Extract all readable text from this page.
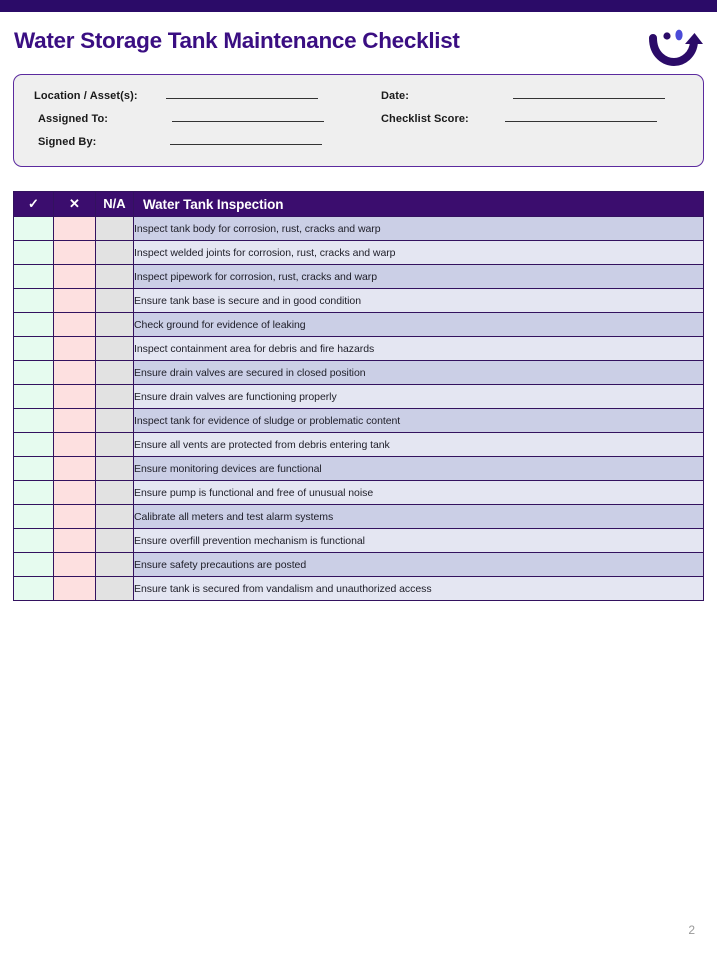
Water Storage Tank Maintenance Checklist
Location / Asset(s):
Assigned To:
Signed By:
Date:
Checklist Score:
✓	✕	N/A	Water Tank Inspection
			Inspect tank body for corrosion, rust, cracks and warp
			Inspect welded joints for corrosion, rust, cracks and warp
			Inspect pipework for corrosion, rust, cracks and warp
			Ensure tank base is secure and in good condition
			Check ground for evidence of leaking
			Inspect containment area for debris and fire hazards
			Ensure drain valves are secured in closed position
			Ensure drain valves are functioning properly
			Inspect tank for evidence of sludge or problematic content
			Ensure all vents are protected from debris entering tank
			Ensure monitoring devices are functional
			Ensure pump is functional and free of unusual noise
			Calibrate all meters and test alarm systems
			Ensure overfill prevention mechanism is functional
			Ensure safety precautions are posted
			Ensure tank is secured from vandalism and unauthorized access
2
